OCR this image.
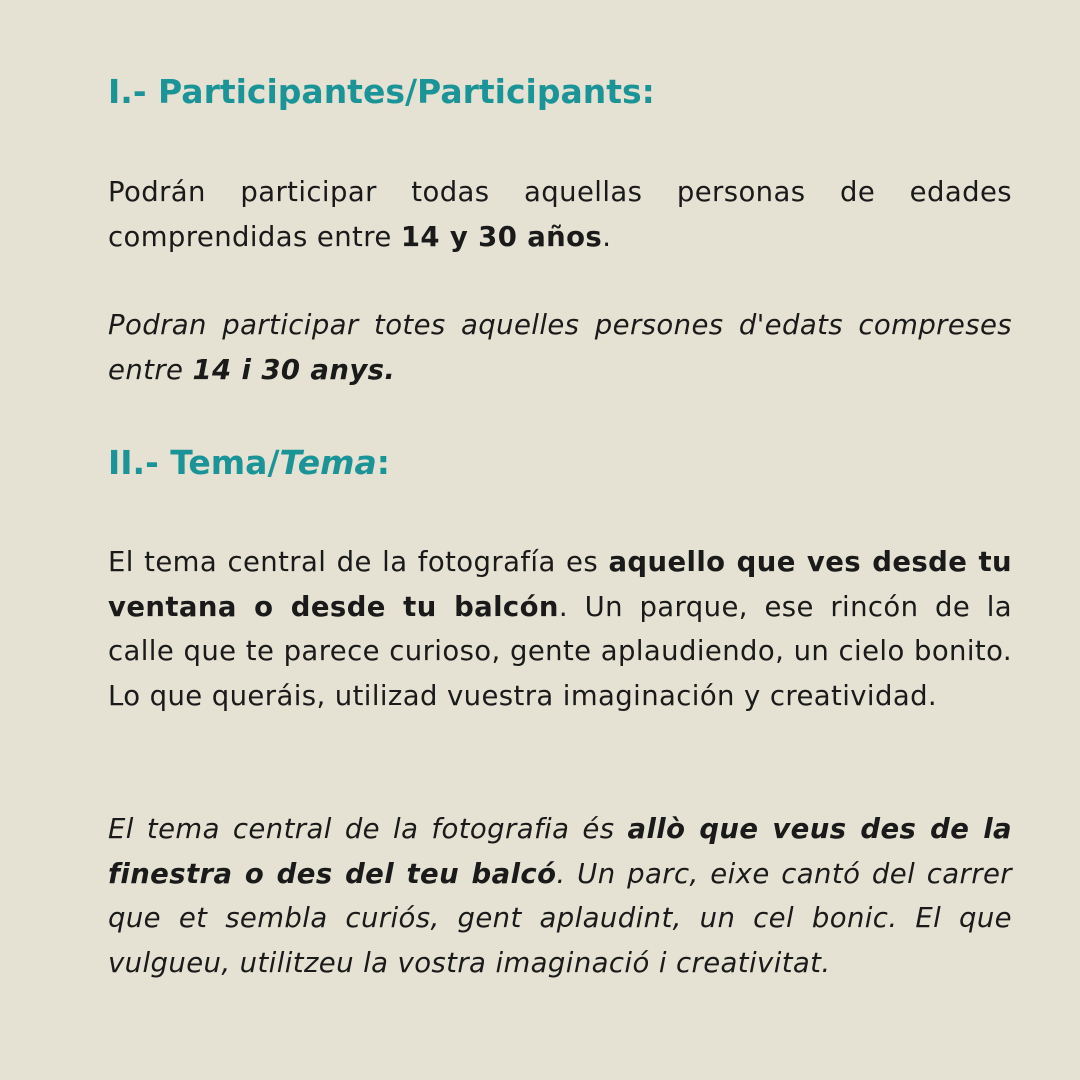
I.- Participantes/Participants:

Podrán participar todas aquellas personas de edades comprendidas entre 14 y 30 años.

Podran participar totes aquelles persones d'edats compreses entre 14 i 30 anys.

II.- Tema/Tema:

El tema central de la fotografía es aquello que ves desde tu ventana o desde tu balcón. Un parque, ese rincón de la calle que te parece curioso, gente aplaudiendo, un cielo bonito. Lo que queráis, utilizad vuestra imaginación y creatividad.

El tema central de la fotografia és allò que veus des de la finestra o des del teu balcó. Un parc, eixe cantó del carrer que et sembla curiós, gent aplaudint, un cel bonic. El que vulgueu, utilitzeu la vostra imaginació i creativitat.
